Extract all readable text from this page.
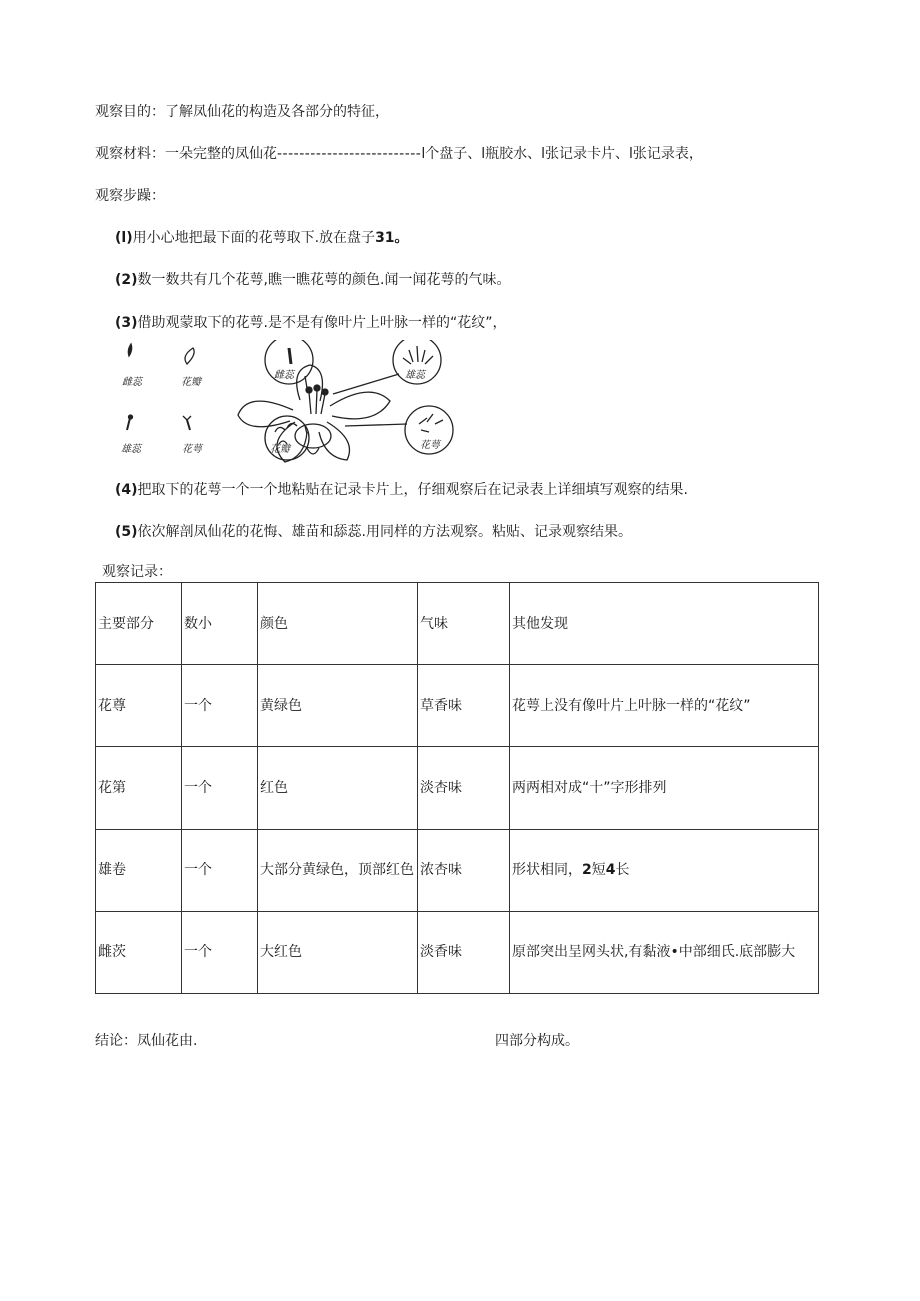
观察目的：了解凤仙花的构造及各部分的特征，
观察材料：一朵完整的凤仙花--------------------------l个盘子、l瓶胶水、l张记录卡片、l张记录表，
观察步躁：
(l)用小心地把最下面的花萼取下.放在盘子31。
(2)数一数共有几个花萼,瞧一瞧花萼的颜色.闻一闻花萼的气味。
(3)借助观蒙取下的花萼.是不是有像叶片上叶脉一样的“花纹”，
雌蕊	花瓣
雄蕊	花萼
雌蕊	雄蕊
花瓣	花萼
(4)把取下的花萼一个一个地粘贴在记录卡片上，仔细观察后在记录表上详细填写观察的结果.
(5)依次解剖凤仙花的花悔、雄苗和舔蕊.用同样的方法观察。粘贴、记录观察结果。
观察记录：
主要部分	数小	颜色	气味	其他发现
花尊	一个	黄绿色	草香味	花萼上没有像叶片上叶脉一样的“花纹”
花第	一个	红色	淡杏味	两两相对成“十”字形排列
雄卷	一个	大部分黄绿色，顶部红色	浓杏味	形状相同，2短4长
雌茨	一个	大红色	淡香味	原部突出呈网头状,有黏液•中部细氏.底部膨大
结论：凤仙花由.	四部分构成。
